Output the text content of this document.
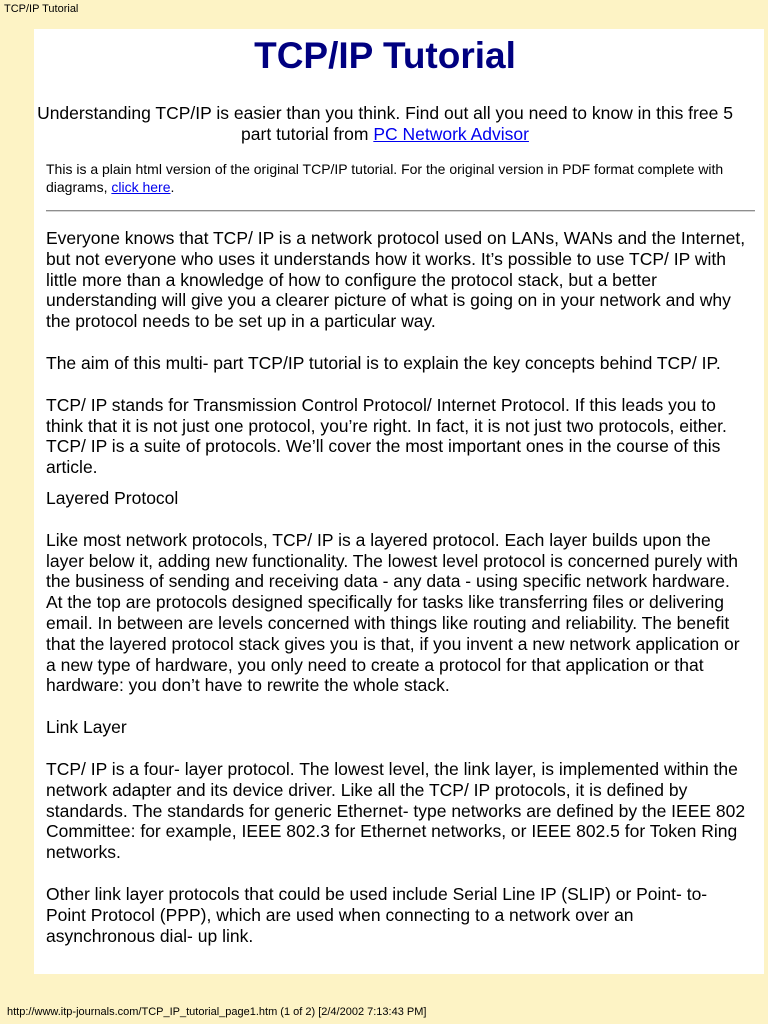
TCP/IP Tutorial
TCP/IP Tutorial
Understanding TCP/IP is easier than you think. Find out all you need to know in this free 5 part tutorial from PC Network Advisor
This is a plain html version of the original TCP/IP tutorial. For the original version in PDF format complete with diagrams, click here.

Everyone knows that TCP/ IP is a network protocol used on LANs, WANs and the Internet, but not everyone who uses it understands how it works. It’s possible to use TCP/ IP with little more than a knowledge of how to configure the protocol stack, but a better understanding will give you a clearer picture of what is going on in your network and why the protocol needs to be set up in a particular way.

The aim of this multi- part TCP/IP tutorial is to explain the key concepts behind TCP/ IP.

TCP/ IP stands for Transmission Control Protocol/ Internet Protocol. If this leads you to think that it is not just one protocol, you’re right. In fact, it is not just two protocols, either. TCP/ IP is a suite of protocols. We’ll cover the most important ones in the course of this article.

Layered Protocol

Like most network protocols, TCP/ IP is a layered protocol. Each layer builds upon the layer below it, adding new functionality. The lowest level protocol is concerned purely with the business of sending and receiving data - any data - using specific network hardware. At the top are protocols designed specifically for tasks like transferring files or delivering email. In between are levels concerned with things like routing and reliability. The benefit that the layered protocol stack gives you is that, if you invent a new network application or a new type of hardware, you only need to create a protocol for that application or that hardware: you don’t have to rewrite the whole stack.

Link Layer

TCP/ IP is a four- layer protocol. The lowest level, the link layer, is implemented within the network adapter and its device driver. Like all the TCP/ IP protocols, it is defined by standards. The standards for generic Ethernet- type networks are defined by the IEEE 802 Committee: for example, IEEE 802.3 for Ethernet networks, or IEEE 802.5 for Token Ring networks.

Other link layer protocols that could be used include Serial Line IP (SLIP) or Point- to- Point Protocol (PPP), which are used when connecting to a network over an asynchronous dial- up link.

http://www.itp-journals.com/TCP_IP_tutorial_page1.htm (1 of 2) [2/4/2002 7:13:43 PM]
